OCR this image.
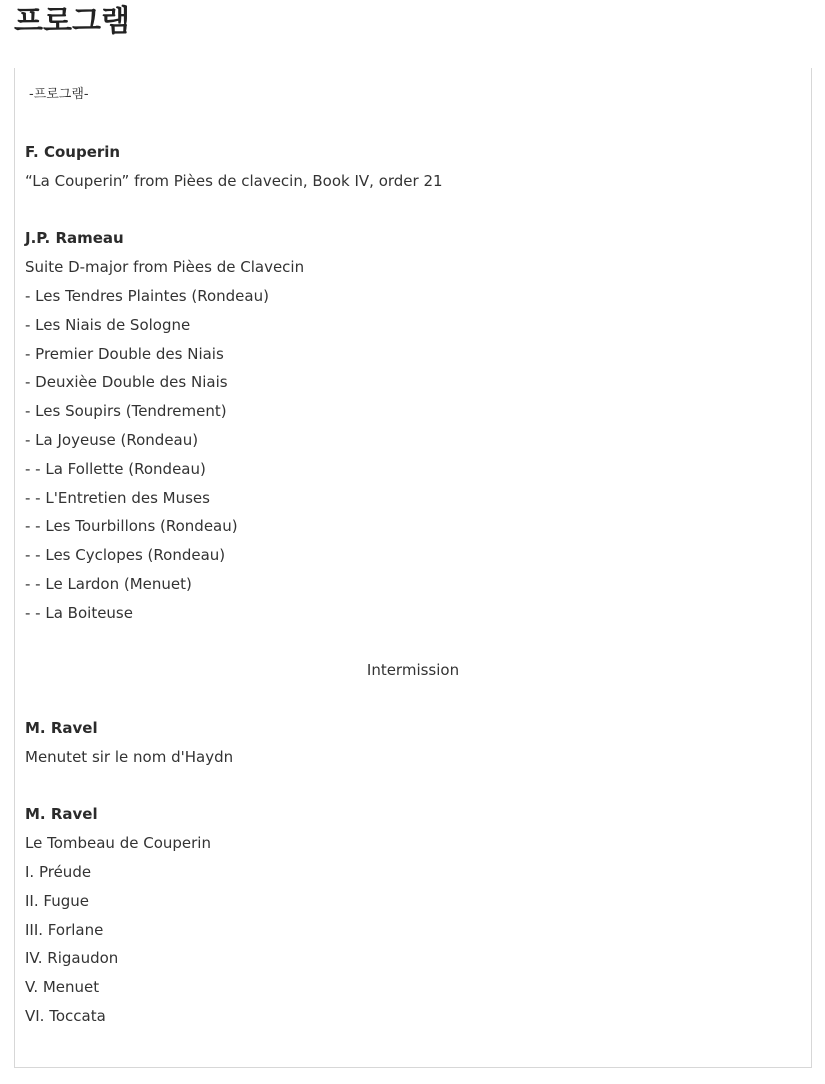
프로그램
-프로그램-
F. Couperin
“La Couperin” from Pièes de clavecin, Book IV, order 21
J.P. Rameau
Suite D-major from Pièes de Clavecin
- Les Tendres Plaintes (Rondeau)
- Les Niais de Sologne
- Premier Double des Niais
- Deuxièe Double des Niais
- Les Soupirs (Tendrement)
- La Joyeuse (Rondeau)
- - La Follette (Rondeau)
- - L'Entretien des Muses
- - Les Tourbillons (Rondeau)
- - Les Cyclopes (Rondeau)
- - Le Lardon (Menuet)
- - La Boiteuse
Intermission
M. Ravel
Menutet sir le nom d'Haydn
M. Ravel
Le Tombeau de Couperin
I. Préude
II. Fugue
III. Forlane
IV. Rigaudon
V. Menuet
VI. Toccata
